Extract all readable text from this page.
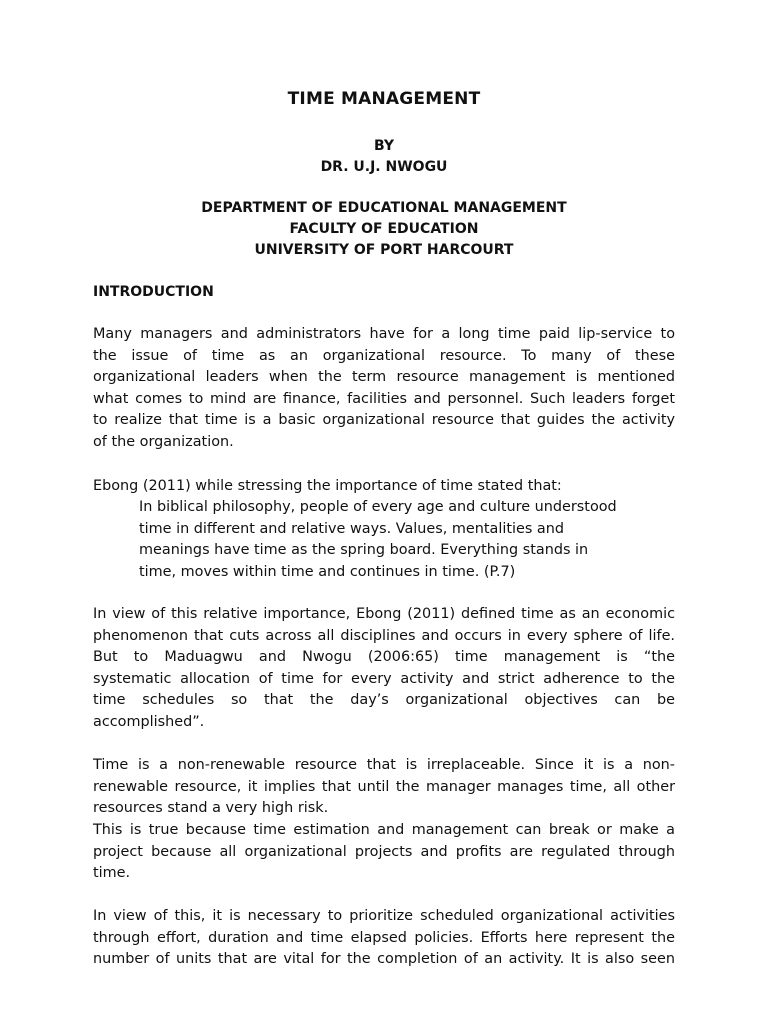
TIME MANAGEMENT
BY
DR. U.J. NWOGU
DEPARTMENT OF EDUCATIONAL MANAGEMENT
FACULTY OF EDUCATION
UNIVERSITY OF PORT HARCOURT
INTRODUCTION
Many managers and administrators have for a long time paid lip-service to
the issue of time as an organizational resource. To many of these
organizational leaders when the term resource management is mentioned
what comes to mind are finance, facilities and personnel. Such leaders forget
to realize that time is a basic organizational resource that guides the activity
of the organization.
Ebong (2011) while stressing the importance of time stated that:
In biblical philosophy, people of every age and culture understood
time in different and relative ways. Values, mentalities and
meanings have time as the spring board. Everything stands in
time, moves within time and continues in time. (P.7)
In view of this relative importance, Ebong (2011) defined time as an economic
phenomenon that cuts across all disciplines and occurs in every sphere of life.
But to Maduagwu and Nwogu (2006:65) time management is “the
systematic allocation of time for every activity and strict adherence to the
time schedules so that the day’s organizational objectives can be
accomplished”.
Time is a non-renewable resource that is irreplaceable. Since it is a non-
renewable resource, it implies that until the manager manages time, all other
resources stand a very high risk.
This is true because time estimation and management can break or make a
project because all organizational projects and profits are regulated through
time.
In view of this, it is necessary to prioritize scheduled organizational activities
through effort, duration and time elapsed policies. Efforts here represent the
number of units that are vital for the completion of an activity. It is also seen
